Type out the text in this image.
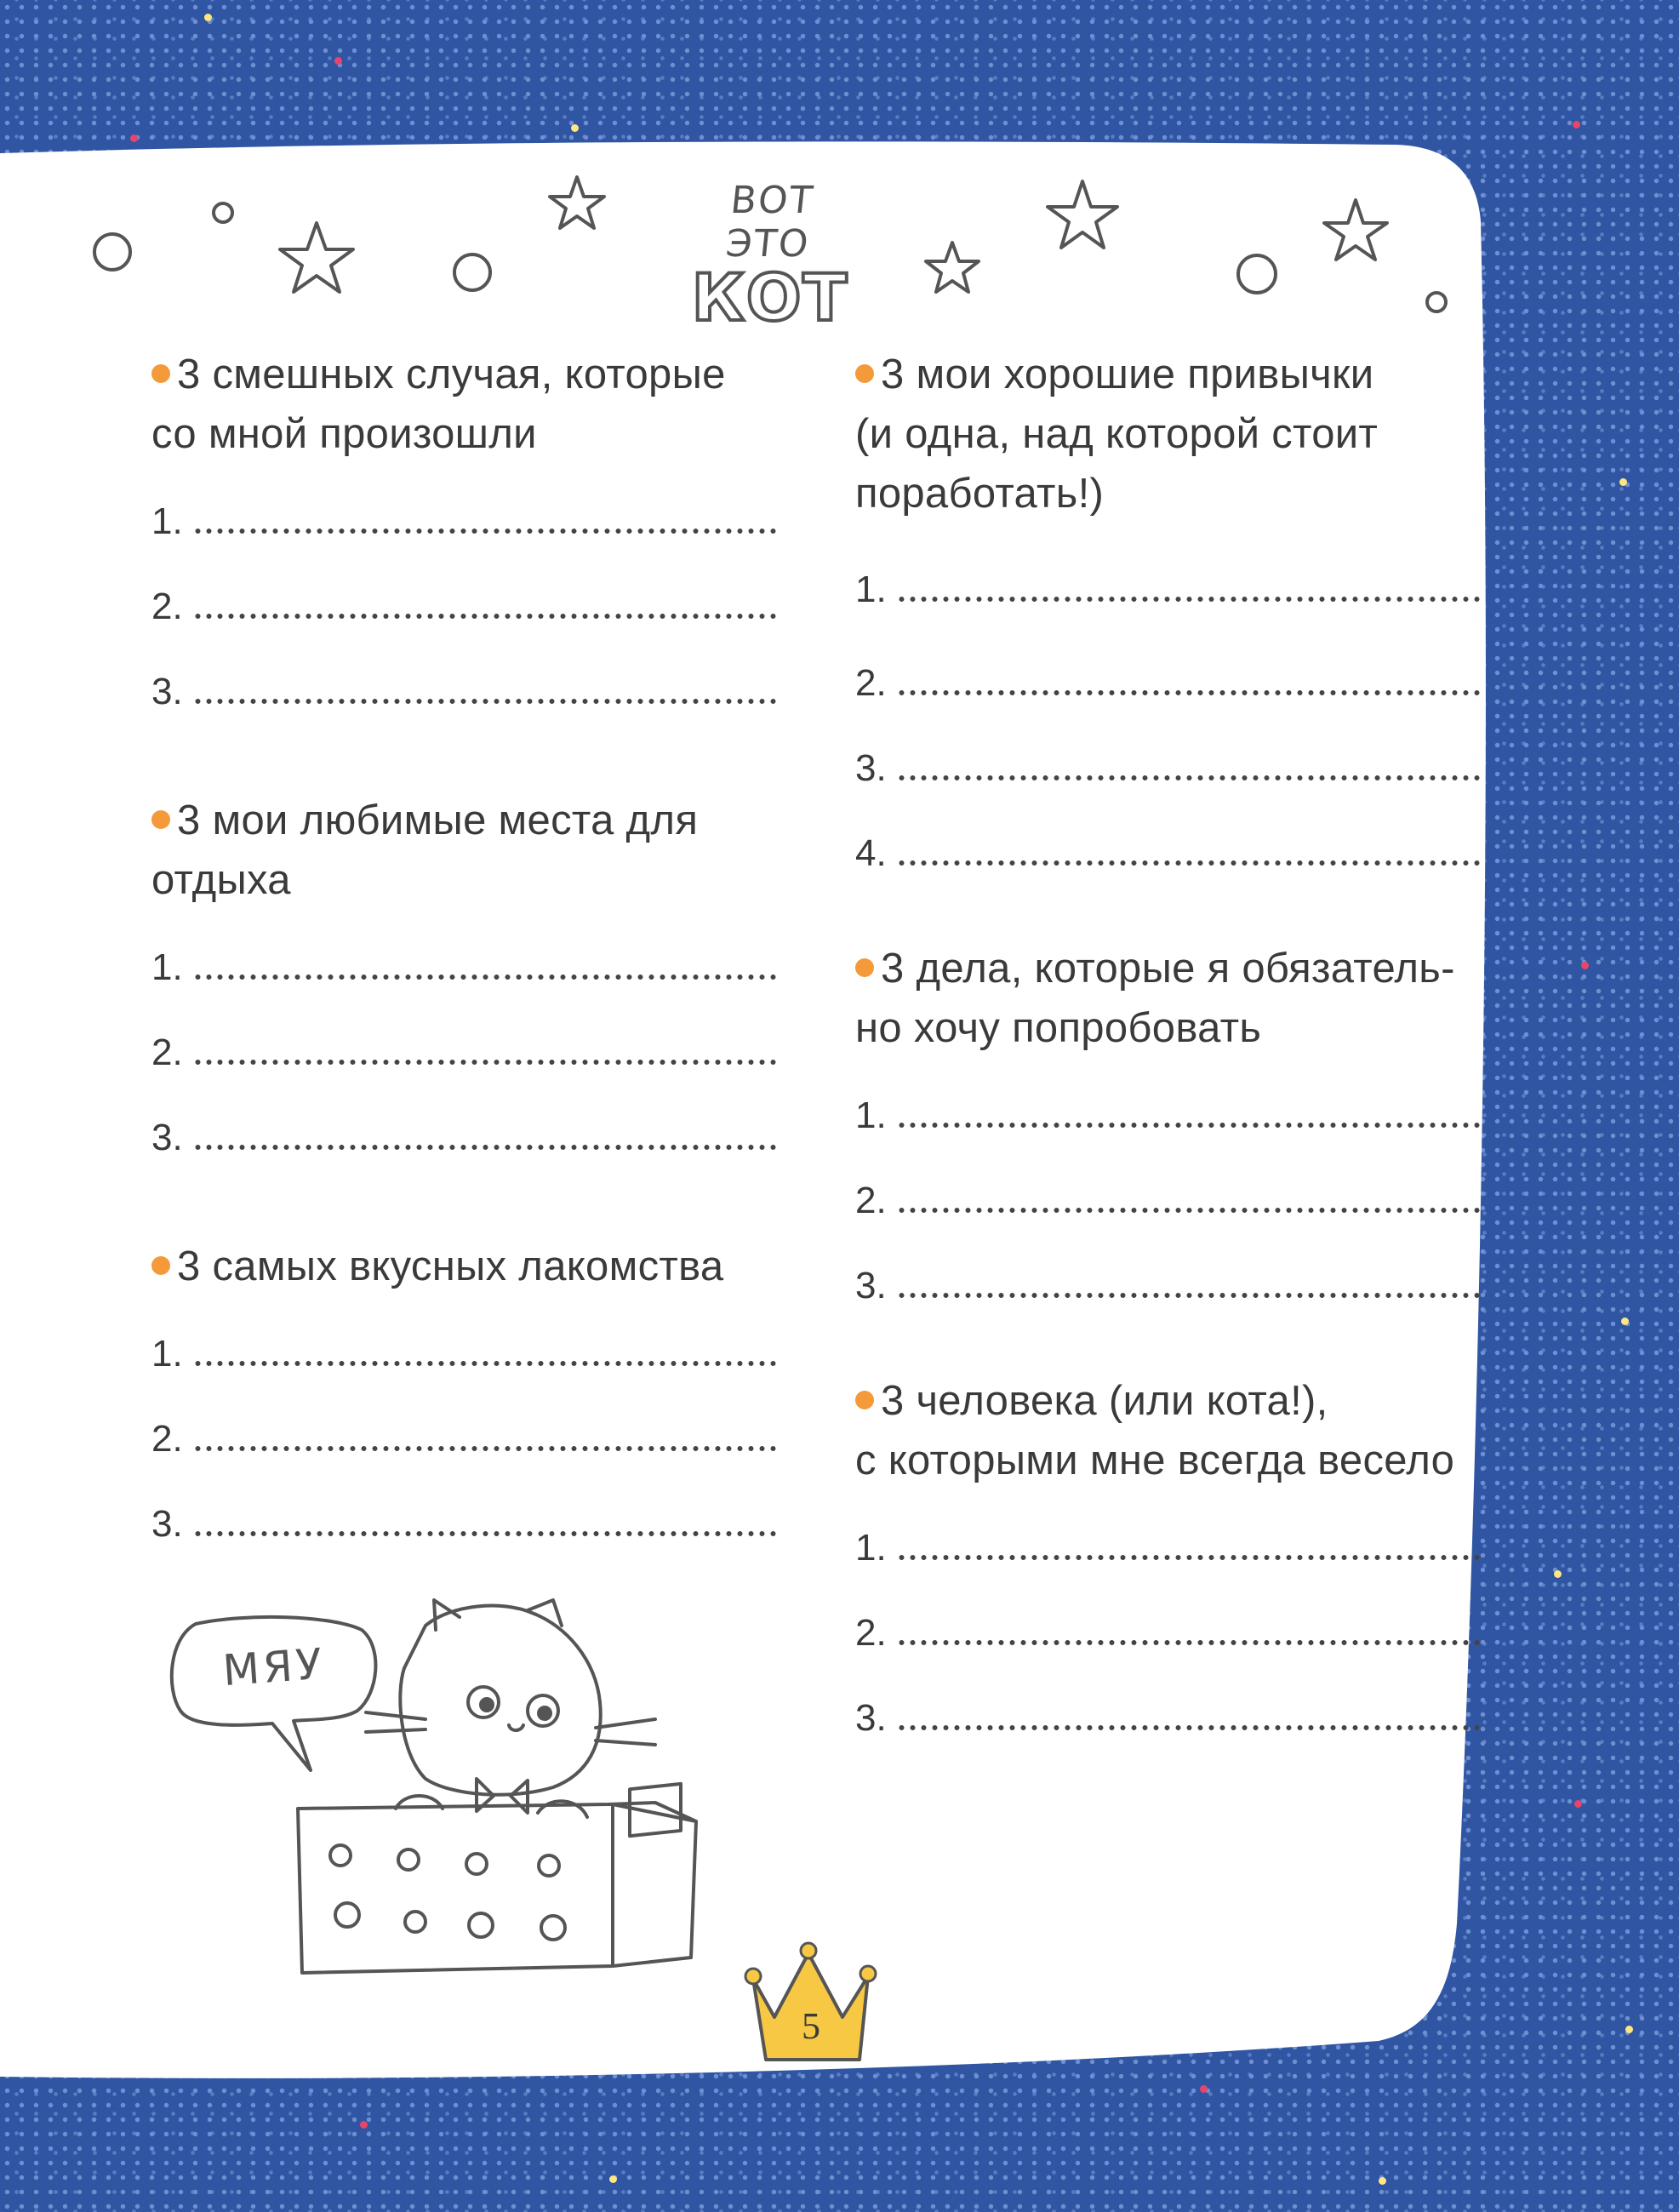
ВОТ ЭТО
КОТ

3 смешных случая, которые
со мной произошли

1.
2.
3.

3 мои любимые места для
отдыха

1.
2.
3.

3 самых вкусных лакомства

1.
2.
3.

3 мои хорошие привычки
(и одна, над которой стоит
поработать!)

1.
2.
3.
4.

3 дела, которые я обязатель-
но хочу попробовать

1.
2.
3.

3 человека (или кота!),
с которыми мне всегда весело

1.
2.
3.
МЯУ
5
